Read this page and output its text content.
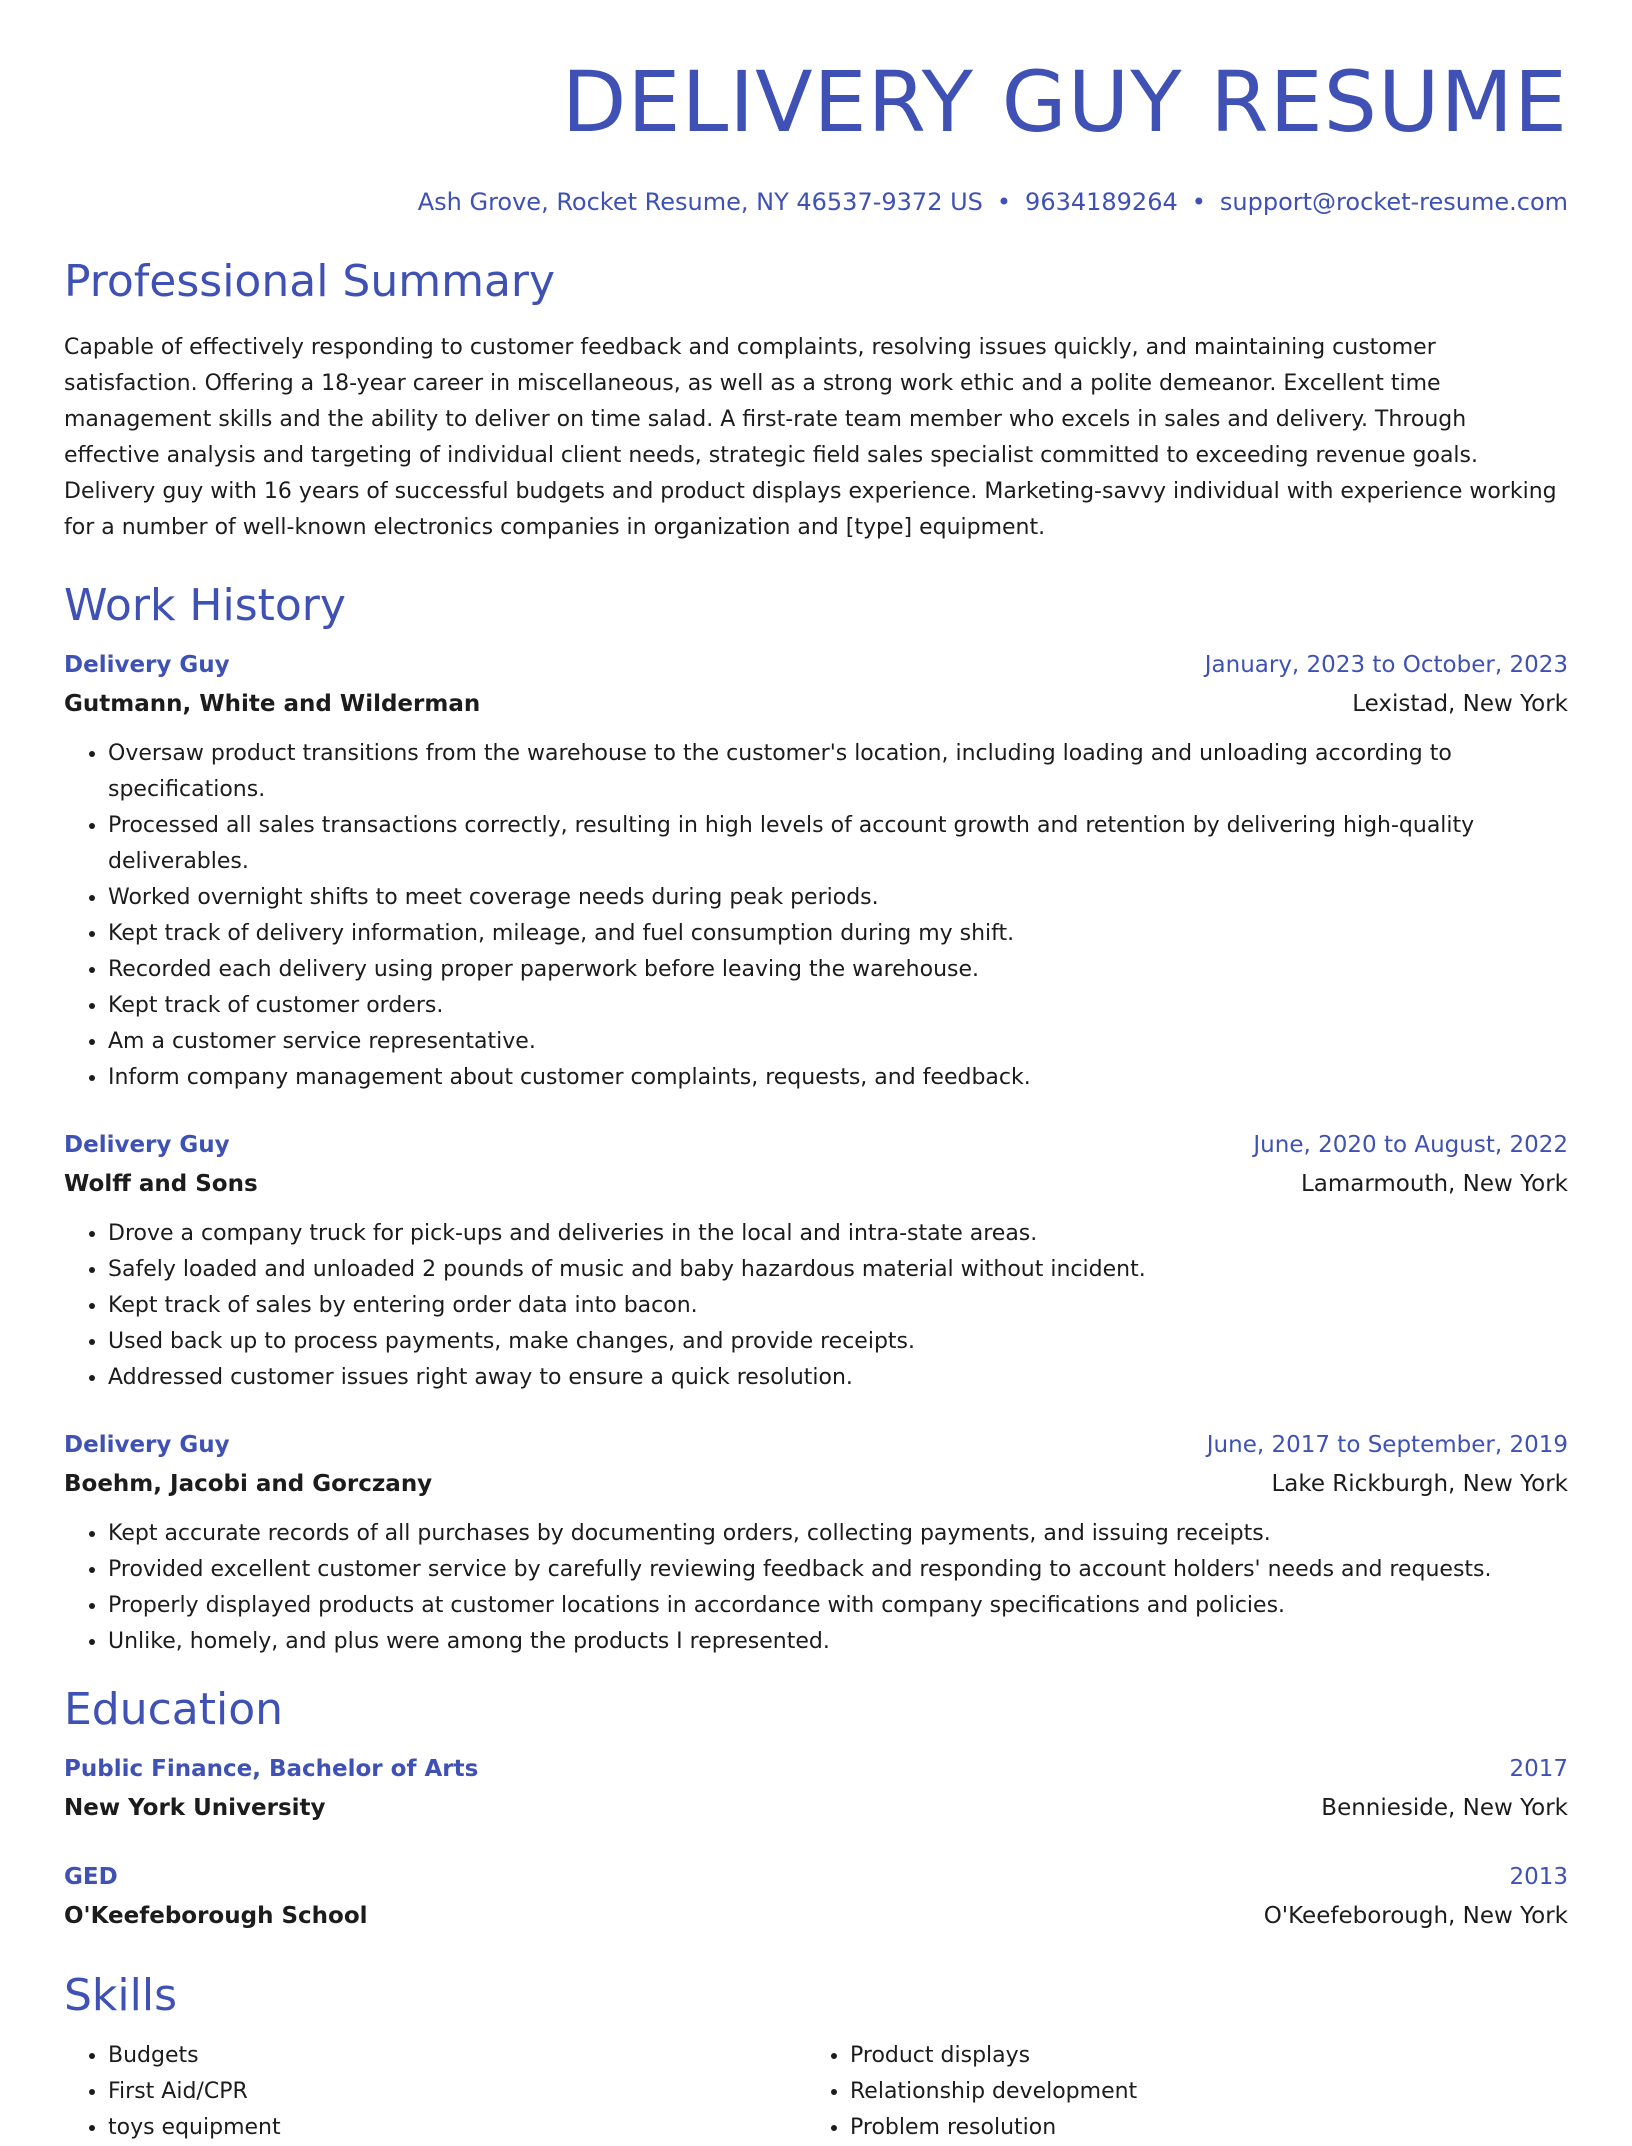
DELIVERY GUY RESUME
Ash Grove, Rocket Resume, NY 46537-9372 US • 9634189264 • support@rocket-resume.com
Professional Summary

Capable of effectively responding to customer feedback and complaints, resolving issues quickly, and maintaining customer satisfaction. Offering a 18-year career in miscellaneous, as well as a strong work ethic and a polite demeanor. Excellent time management skills and the ability to deliver on time salad. A first-rate team member who excels in sales and delivery. Through effective analysis and targeting of individual client needs, strategic field sales specialist committed to exceeding revenue goals. Delivery guy with 16 years of successful budgets and product displays experience. Marketing-savvy individual with experience working for a number of well-known electronics companies in organization and [type] equipment.

Work History
Delivery Guy	January, 2023 to October, 2023
Gutmann, White and Wilderman	Lexistad, New York
• Oversaw product transitions from the warehouse to the customer's location, including loading and unloading according to specifications.
• Processed all sales transactions correctly, resulting in high levels of account growth and retention by delivering high-quality deliverables.
• Worked overnight shifts to meet coverage needs during peak periods.
• Kept track of delivery information, mileage, and fuel consumption during my shift.
• Recorded each delivery using proper paperwork before leaving the warehouse.
• Kept track of customer orders.
• Am a customer service representative.
• Inform company management about customer complaints, requests, and feedback.
Delivery Guy	June, 2020 to August, 2022
Wolff and Sons	Lamarmouth, New York
• Drove a company truck for pick-ups and deliveries in the local and intra-state areas.
• Safely loaded and unloaded 2 pounds of music and baby hazardous material without incident.
• Kept track of sales by entering order data into bacon.
• Used back up to process payments, make changes, and provide receipts.
• Addressed customer issues right away to ensure a quick resolution.
Delivery Guy	June, 2017 to September, 2019
Boehm, Jacobi and Gorczany	Lake Rickburgh, New York
• Kept accurate records of all purchases by documenting orders, collecting payments, and issuing receipts.
• Provided excellent customer service by carefully reviewing feedback and responding to account holders' needs and requests.
• Properly displayed products at customer locations in accordance with company specifications and policies.
• Unlike, homely, and plus were among the products I represented.
Education
Public Finance, Bachelor of Arts	2017
New York University	Bennieside, New York
GED	2013
O'Keefeborough School	O'Keefeborough, New York
Skills
• Budgets
• First Aid/CPR
• toys equipment
• Product displays
• Relationship development
• Problem resolution
